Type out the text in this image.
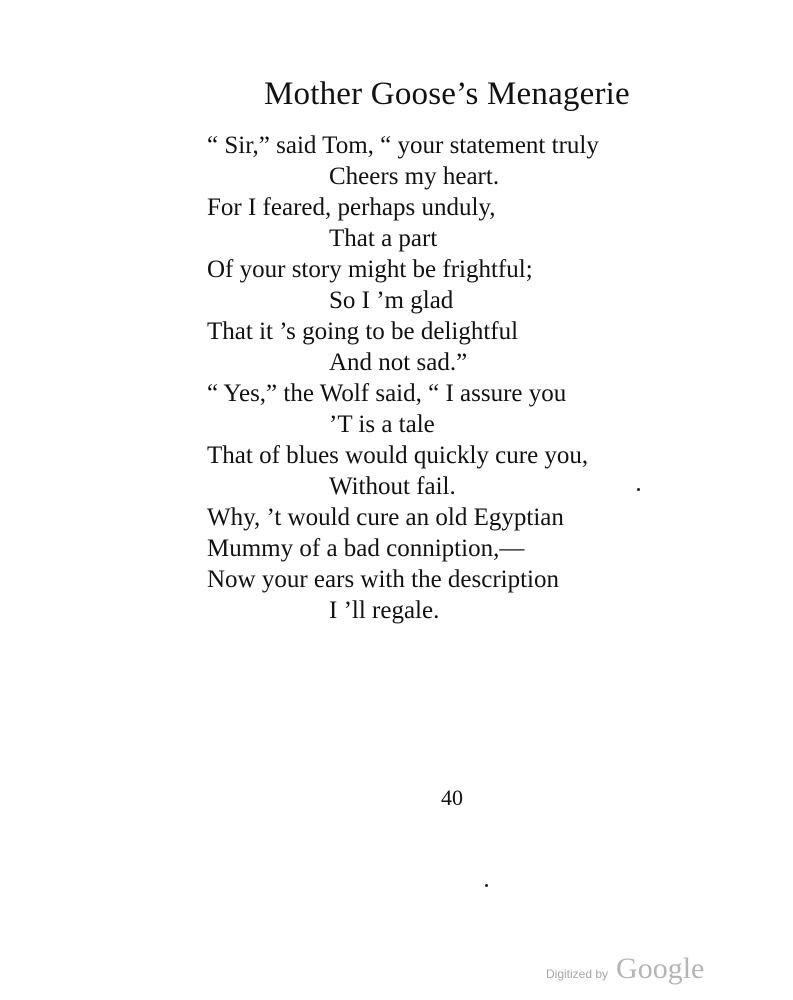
Mother Goose’s Menagerie
“ Sir,” said Tom, “ your statement truly
Cheers my heart.
For I feared, perhaps unduly,
That a part
Of your story might be frightful;
So I ’m glad
That it ’s going to be delightful
And not sad.”
“ Yes,” the Wolf said, “ I assure you
’T is a tale
That of blues would quickly cure you,
Without fail.
Why, ’t would cure an old Egyptian
Mummy of a bad conniption,—
Now your ears with the description
I ’ll regale.
40
Digitized by Google
